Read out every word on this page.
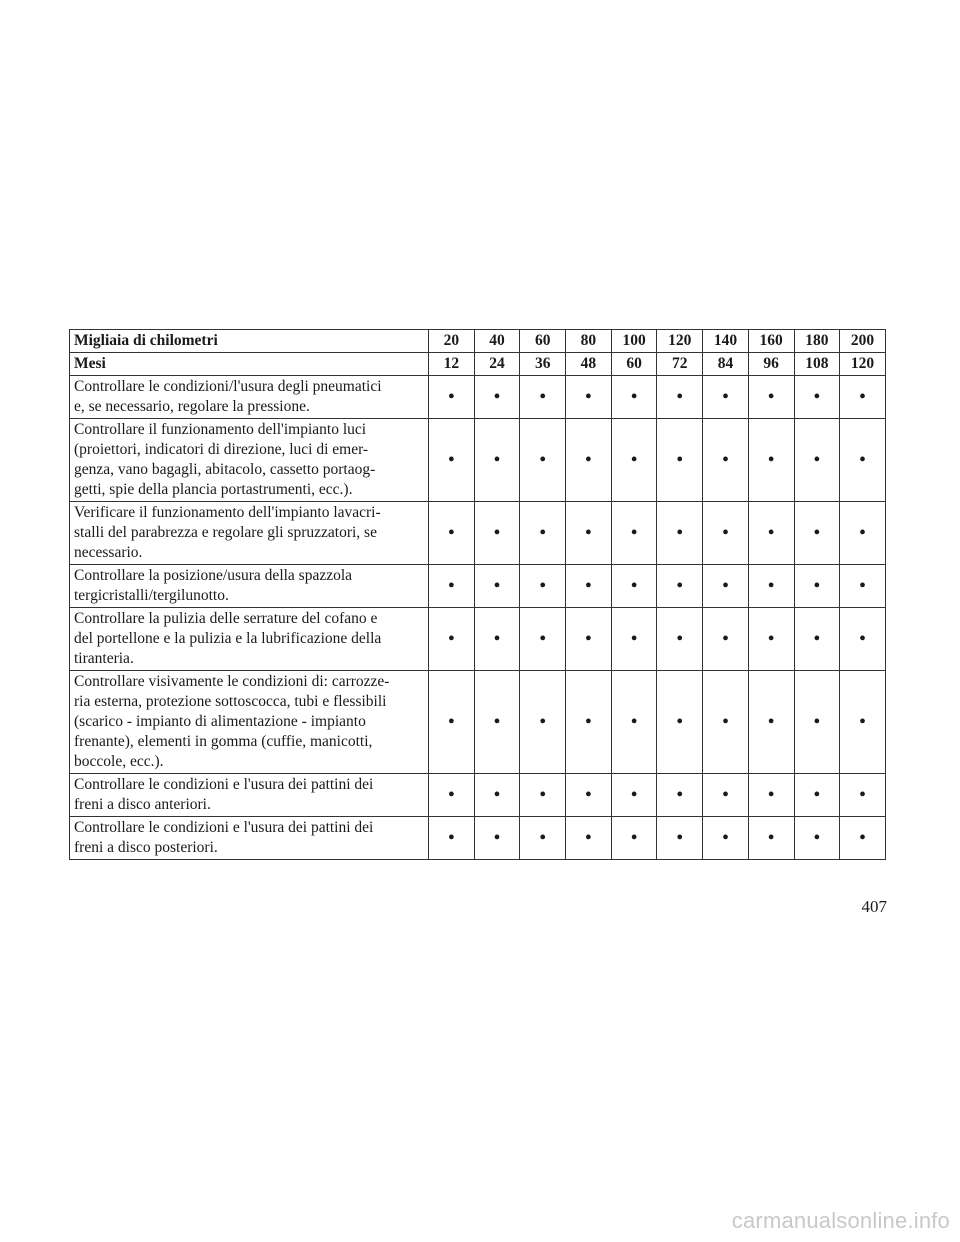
Migliaia di chilometri	20	40	60	80	100	120	140	160	180	200
Mesi	12	24	36	48	60	72	84	96	108	120

Controllare le condizioni/l'usura degli pneumatici
e, se necessario, regolare la pressione.	•	•	•	•	•	•	•	•	•	•

Controllare il funzionamento dell'impianto luci
(proiettori, indicatori di direzione, luci di emer-
genza, vano bagagli, abitacolo, cassetto portaog-
getti, spie della plancia portastrumenti, ecc.).	•	•	•	•	•	•	•	•	•	•

Verificare il funzionamento dell'impianto lavacri-
stalli del parabrezza e regolare gli spruzzatori, se
necessario.	•	•	•	•	•	•	•	•	•	•

Controllare la posizione/usura della spazzola
tergicristalli/tergilunotto.	•	•	•	•	•	•	•	•	•	•

Controllare la pulizia delle serrature del cofano e
del portellone e la pulizia e la lubrificazione della
tiranteria.	•	•	•	•	•	•	•	•	•	•

Controllare visivamente le condizioni di: carrozze-
ria esterna, protezione sottoscocca, tubi e flessibili
(scarico - impianto di alimentazione - impianto
frenante), elementi in gomma (cuffie, manicotti,
boccole, ecc.).	•	•	•	•	•	•	•	•	•	•

Controllare le condizioni e l'usura dei pattini dei
freni a disco anteriori.	•	•	•	•	•	•	•	•	•	•

Controllare le condizioni e l'usura dei pattini dei
freni a disco posteriori.	•	•	•	•	•	•	•	•	•	•
407
carmanualsonline.info
